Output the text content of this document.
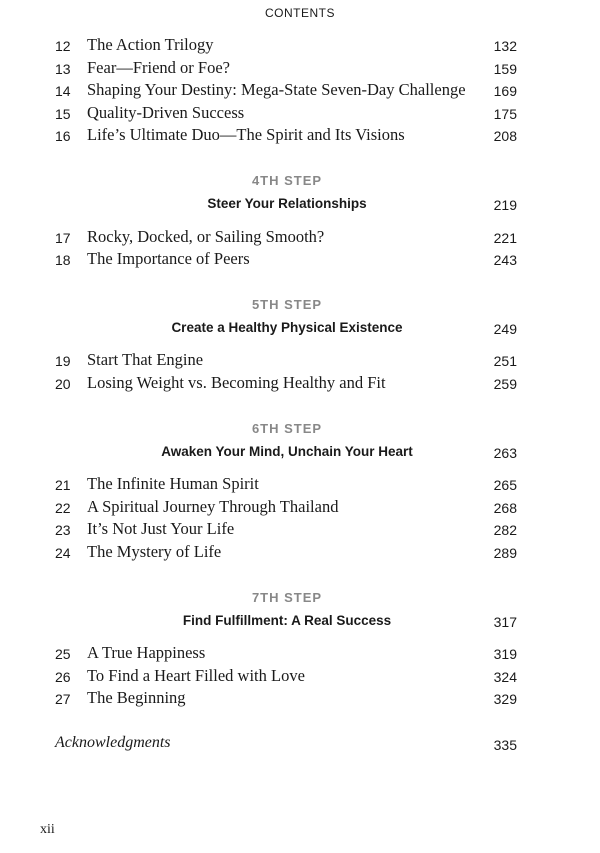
CONTENTS
12 The Action Trilogy	132
13 Fear—Friend or Foe?	159
14 Shaping Your Destiny: Mega-State Seven-Day Challenge 169
15 Quality-Driven Success	175
16 Life’s Ultimate Duo—The Spirit and Its Visions	208
4TH STEP
Steer Your Relationships	219
17 Rocky, Docked, or Sailing Smooth?	221
18 The Importance of Peers	243
5TH STEP
Create a Healthy Physical Existence	249
19 Start That Engine	251
20 Losing Weight vs. Becoming Healthy and Fit	259
6TH STEP
Awaken Your Mind, Unchain Your Heart	263
21 The Infinite Human Spirit	265
22 A Spiritual Journey Through Thailand	268
23 It’s Not Just Your Life	282
24 The Mystery of Life	289
7TH STEP
Find Fulfillment: A Real Success	317
25 A True Happiness	319
26 To Find a Heart Filled with Love	324
27 The Beginning	329
Acknowledgments	335
xii
